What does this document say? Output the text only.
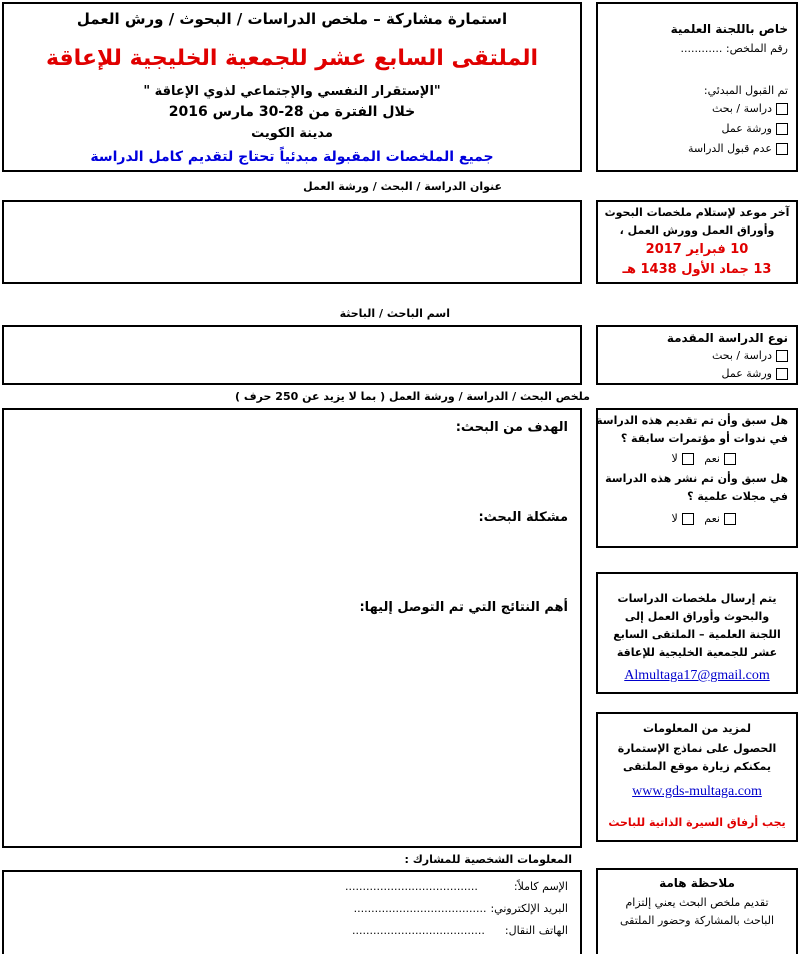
استمارة مشاركة – ملخص الدراسات / البحوث / ورش العمل
الملتقى السابع عشر للجمعية الخليجية للإعاقة
"الإستقرار النفسي والإجتماعي لذوي الإعاقة "
خلال الفترة من 28-30 مارس 2016
مدينة الكويت
جميع الملخصات المقبولة مبدئياً تحتاج لتقديم كامل الدراسة
خاص باللجنة العلمية
رقم الملخص: ............
تم القبول المبدئي:
دراسة / بحث
ورشة عمل
عدم قبول الدراسة
عنوان الدراسة / البحث / ورشة العمل
آخر موعد لإستلام ملخصات البحوث
وأوراق العمل وورش العمل ،
10 فبراير 2017
13 جماد الأول 1438 هـ
اسم الباحث / الباحثة
نوع الدراسة المقدمة
دراسة / بحث
ورشة عمل
ملخص البحث / الدراسة / ورشة العمل ( بما لا يزيد عن 250 حرف )
الهدف من البحث:
مشكلة البحث:
أهم النتائج التي تم التوصل إليها:
هل سبق وأن تم تقديم هذه الدراسة
في ندوات أو مؤتمرات سابقة ؟
نعم   لا
هل سبق وأن تم نشر هذه الدراسة
في مجلات علمية ؟
نعم   لا
يتم إرسال ملخصات الدراسات
والبحوث وأوراق العمل إلى
اللجنة العلمية – الملتقى السابع
عشر للجمعية الخليجية للإعاقة
Almultaga17@gmail.com
لمزيد من المعلومات
الحصول على نماذج الإستمارة
يمكنكم زيارة موقع الملتقى
www.gds-multaga.com
يجب أرفاق السيرة الذاتية للباحث
المعلومات الشخصية للمشارك :
الإسم كاملاً:......................................
البريد الإلكتروني:......................................
الهاتف النقال:......................................
ملاحظة هامة
تقديم ملخص البحث يعني إلتزام
الباحث بالمشاركة وحضور الملتقى
